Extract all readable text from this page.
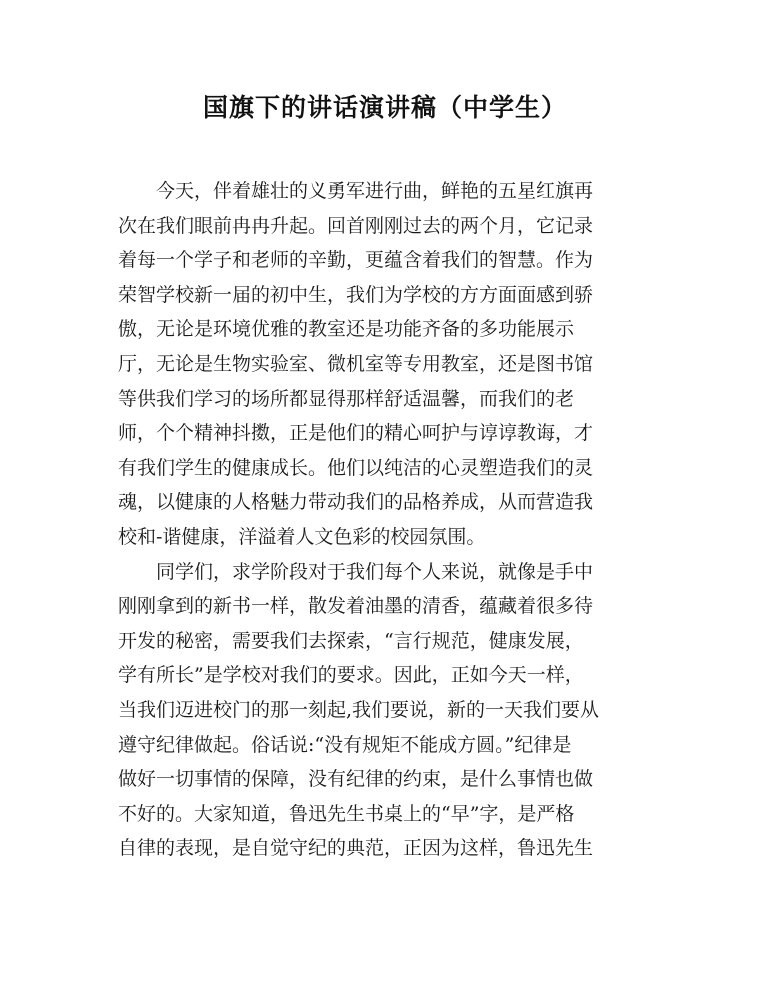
国旗下的讲话演讲稿（中学生）
　　今天，伴着雄壮的义勇军进行曲，鲜艳的五星红旗再
次在我们眼前冉冉升起。回首刚刚过去的两个月，它记录
着每一个学子和老师的辛勤，更蕴含着我们的智慧。作为
荣智学校新一届的初中生，我们为学校的方方面面感到骄
傲，无论是环境优雅的教室还是功能齐备的多功能展示
厅，无论是生物实验室、微机室等专用教室，还是图书馆
等供我们学习的场所都显得那样舒适温馨，而我们的老
师，个个精神抖擞，正是他们的精心呵护与谆谆教诲，才
有我们学生的健康成长。他们以纯洁的心灵塑造我们的灵
魂，以健康的人格魅力带动我们的品格养成，从而营造我
校和-谐健康，洋溢着人文色彩的校园氛围。
　　同学们，求学阶段对于我们每个人来说，就像是手中
刚刚拿到的新书一样，散发着油墨的清香，蕴藏着很多待
开发的秘密，需要我们去探索，“言行规范，健康发展，
学有所长”是学校对我们的要求。因此，正如今天一样，
当我们迈进校门的那一刻起,我们要说，新的一天我们要从
遵守纪律做起。俗话说:“没有规矩不能成方圆。”纪律是
做好一切事情的保障，没有纪律的约束，是什么事情也做
不好的。大家知道，鲁迅先生书桌上的“早”字，是严格
自律的表现，是自觉守纪的典范，正因为这样，鲁迅先生
